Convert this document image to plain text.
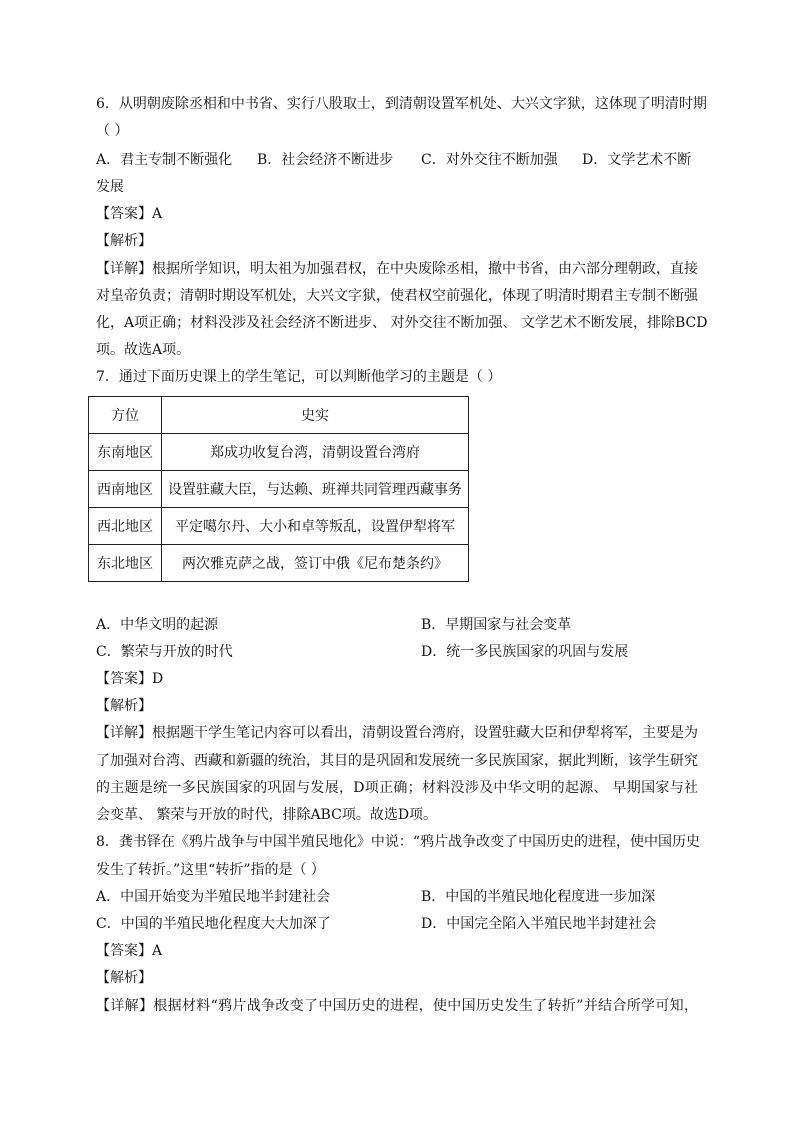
6．从明朝废除丞相和中书省、实行八股取士，到清朝设置军机处、大兴文字狱，这体现了明清时期
（ ）
A．君主专制不断强化 B．社会经济不断进步 C．对外交往不断加强 D．文学艺术不断
发展
【答案】A
【解析】
【详解】根据所学知识，明太祖为加强君权，在中央废除丞相，撤中书省，由六部分理朝政，直接
对皇帝负责；清朝时期设军机处，大兴文字狱，使君权空前强化，体现了明清时期君主专制不断强
化，A项正确；材料没涉及社会经济不断进步、 对外交往不断加强、 文学艺术不断发展，排除BCD
项。故选A项。
7．通过下面历史课上的学生笔记，可以判断他学习的主题是（ ）
方位	史实
东南地区	郑成功收复台湾，清朝设置台湾府
西南地区	设置驻藏大臣，与达赖、班禅共同管理西藏事务
西北地区	平定噶尔丹、大小和卓等叛乱，设置伊犁将军
东北地区	两次雅克萨之战，签订中俄《尼布楚条约》
A．中华文明的起源	B．早期国家与社会变革
C．繁荣与开放的时代	D．统一多民族国家的巩固与发展
【答案】D
【解析】
【详解】根据题干学生笔记内容可以看出，清朝设置台湾府，设置驻藏大臣和伊犁将军，主要是为
了加强对台湾、西藏和新疆的统治，其目的是巩固和发展统一多民族国家，据此判断，该学生研究
的主题是统一多民族国家的巩固与发展，D项正确；材料没涉及中华文明的起源、 早期国家与社
会变革、 繁荣与开放的时代，排除ABC项。故选D项。
8．龚书铎在《鸦片战争与中国半殖民地化》中说：“鸦片战争改变了中国历史的进程，使中国历史
发生了转折。”这里“转折”指的是（ ）
A．中国开始变为半殖民地半封建社会	B．中国的半殖民地化程度进一步加深
C．中国的半殖民地化程度大大加深了	D．中国完全陷入半殖民地半封建社会
【答案】A
【解析】
【详解】根据材料“鸦片战争改变了中国历史的进程，使中国历史发生了转折”并结合所学可知，
